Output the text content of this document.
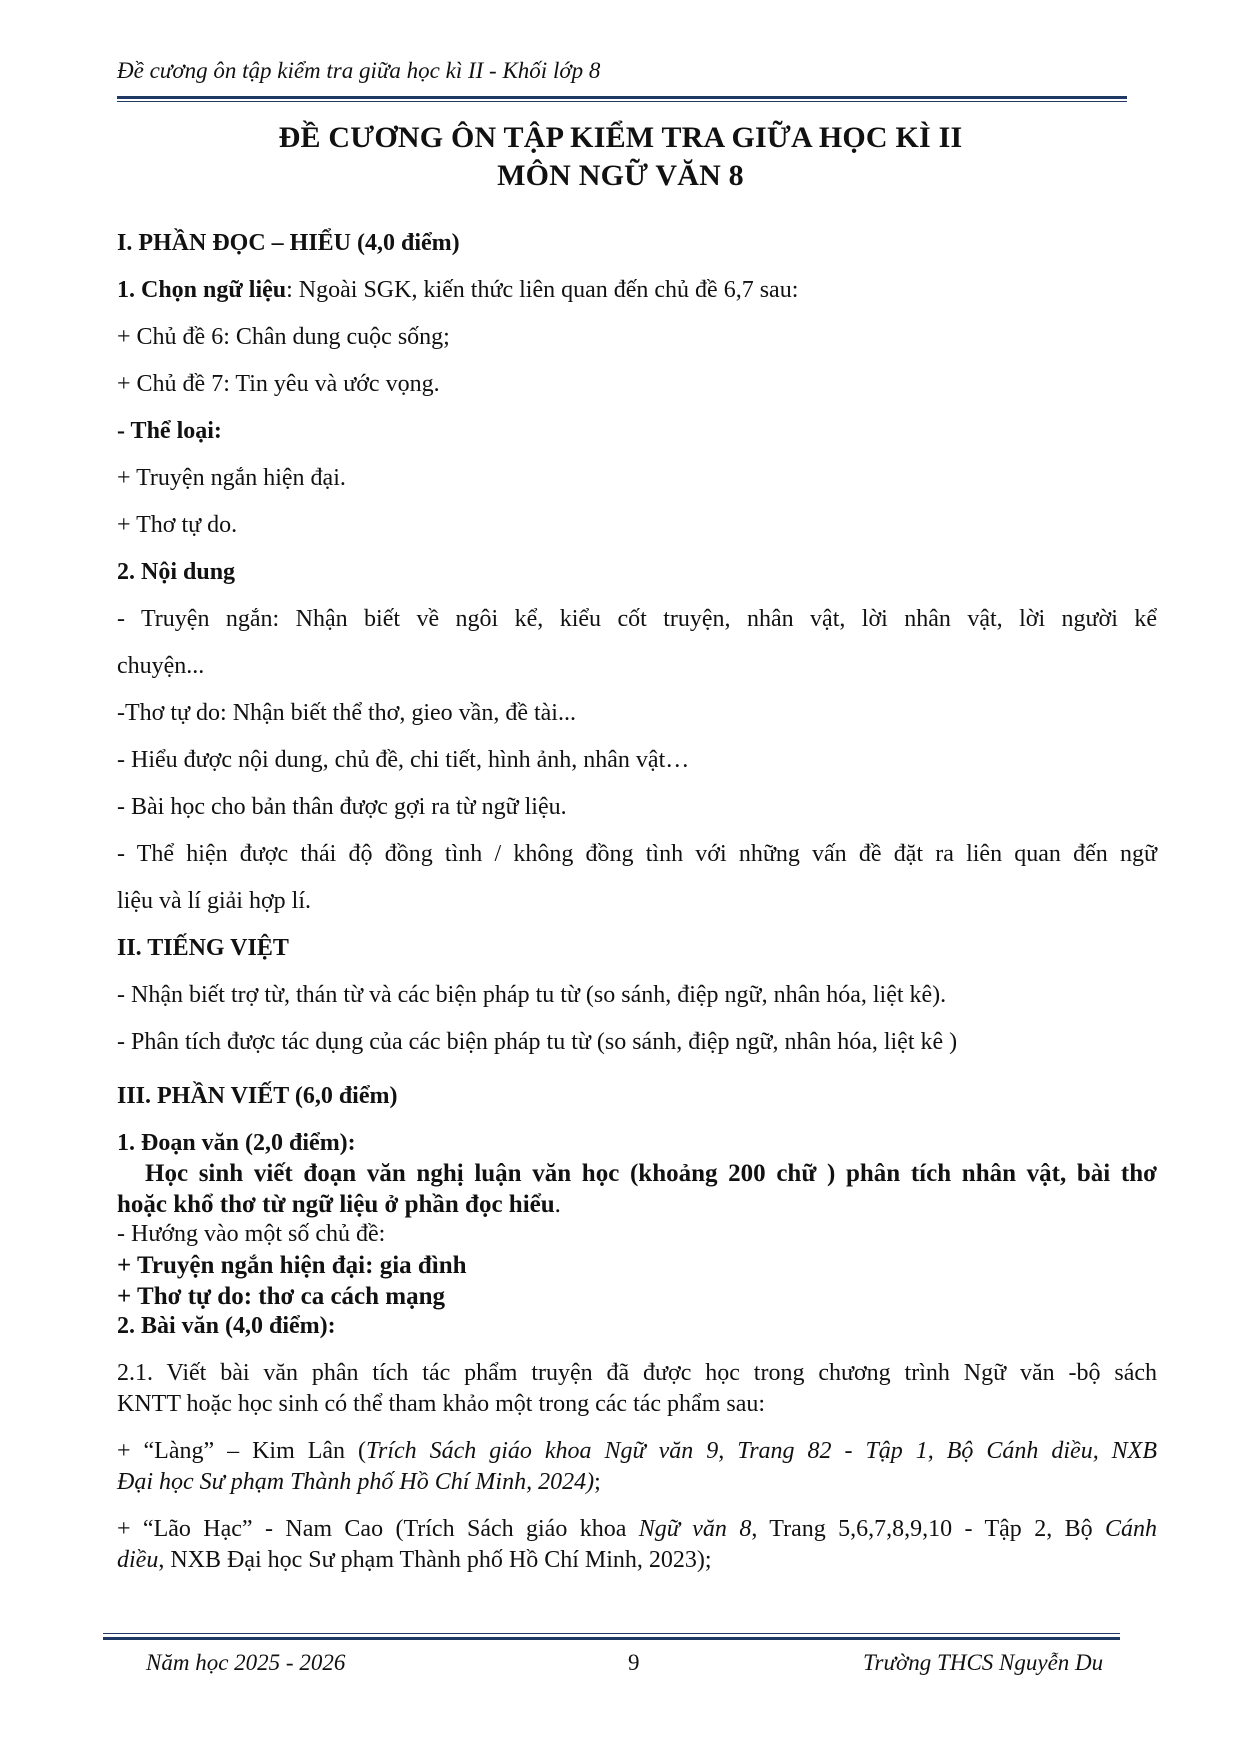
Đề cương ôn tập kiểm tra giữa học kì II - Khối lớp 8
ĐỀ CƯƠNG ÔN TẬP KIỂM TRA GIỮA HỌC KÌ II
MÔN NGỮ VĂN 8
I. PHẦN ĐỌC – HIỂU (4,0 điểm)
1. Chọn ngữ liệu: Ngoài SGK, kiến thức liên quan đến chủ đề 6,7 sau:
+ Chủ đề 6: Chân dung cuộc sống;
+ Chủ đề 7: Tin yêu và ước vọng.
- Thể loại:
+ Truyện ngắn hiện đại.
+ Thơ tự do.
2. Nội dung
- Truyện ngắn: Nhận biết về ngôi kể, kiểu cốt truyện, nhân vật, lời nhân vật, lời người kể
chuyện...
-Thơ tự do: Nhận biết thể thơ, gieo vần, đề tài...
- Hiểu được nội dung, chủ đề, chi tiết, hình ảnh, nhân vật…
- Bài học cho bản thân được gợi ra từ ngữ liệu.
- Thể hiện được thái độ đồng tình / không đồng tình với những vấn đề đặt ra liên quan đến ngữ
liệu và lí giải hợp lí.
II. TIẾNG VIỆT
- Nhận biết trợ từ, thán từ và các biện pháp tu từ (so sánh, điệp ngữ, nhân hóa, liệt kê).
- Phân tích được tác dụng của các biện pháp tu từ (so sánh, điệp ngữ, nhân hóa, liệt kê )
III. PHẦN VIẾT (6,0 điểm)
1. Đoạn văn (2,0 điểm):
Học sinh viết đoạn văn nghị luận văn học (khoảng 200 chữ ) phân tích nhân vật, bài thơ
hoặc khổ thơ từ ngữ liệu ở phần đọc hiểu.
- Hướng vào một số chủ đề:
+ Truyện ngắn hiện đại: gia đình
+ Thơ tự do: thơ ca cách mạng
2. Bài văn (4,0 điểm):
2.1. Viết bài văn phân tích tác phẩm truyện đã được học trong chương trình Ngữ văn -bộ sách
KNTT hoặc học sinh có thể tham khảo một trong các tác phẩm sau:
+ “Làng” – Kim Lân (Trích Sách giáo khoa Ngữ văn 9, Trang 82 - Tập 1, Bộ Cánh diều, NXB
Đại học Sư phạm Thành phố Hồ Chí Minh, 2024);
+ “Lão Hạc” - Nam Cao (Trích Sách giáo khoa Ngữ văn 8, Trang 5,6,7,8,9,10 - Tập 2, Bộ Cánh
diều, NXB Đại học Sư phạm Thành phố Hồ Chí Minh, 2023);
Năm học 2025 - 2026	9	Trường THCS Nguyễn Du
